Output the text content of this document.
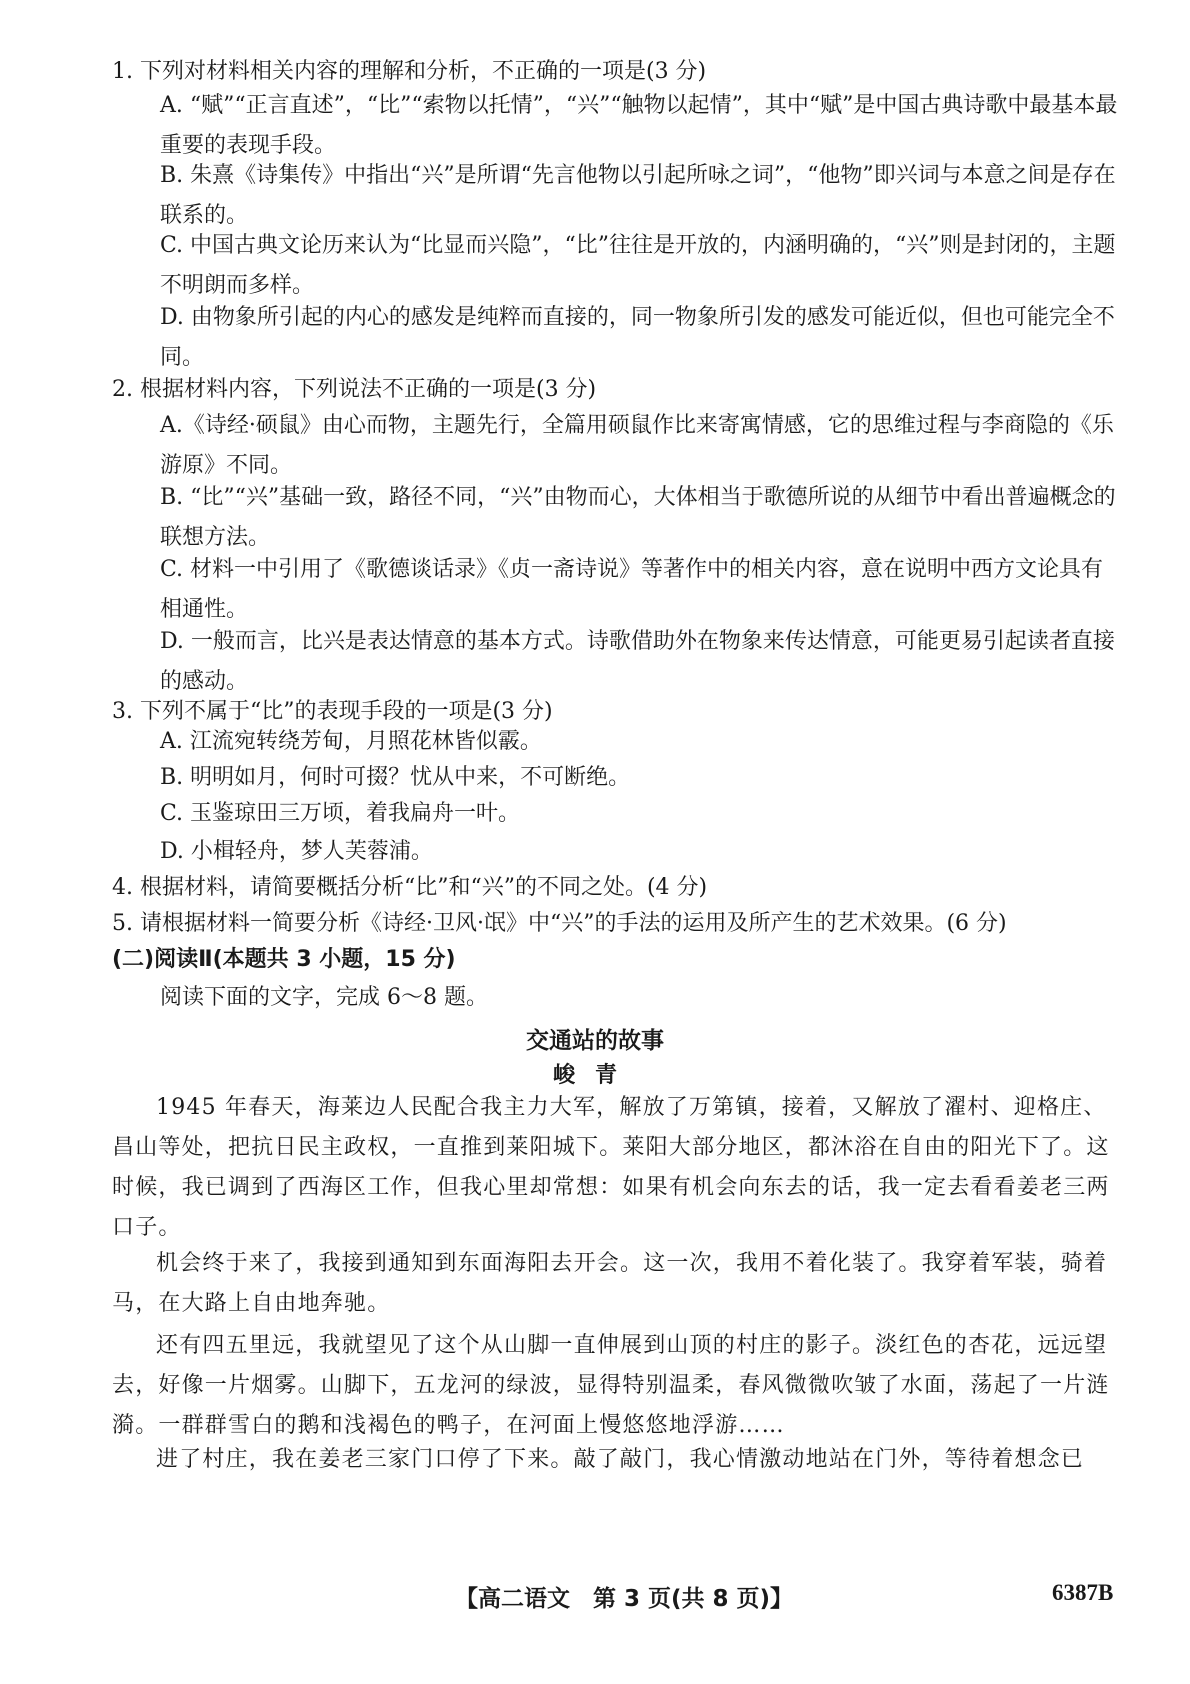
1. 下列对材料相关内容的理解和分析，不正确的一项是(3 分)
A. “赋”“正言直述”，“比”“索物以托情”，“兴”“触物以起情”，其中“赋”是中国古典诗歌中最基本最重要的表现手段。
B. 朱熹《诗集传》中指出“兴”是所谓“先言他物以引起所咏之词”，“他物”即兴词与本意之间是存在联系的。
C. 中国古典文论历来认为“比显而兴隐”，“比”往往是开放的，内涵明确的，“兴”则是封闭的，主题不明朗而多样。
D. 由物象所引起的内心的感发是纯粹而直接的，同一物象所引发的感发可能近似，但也可能完全不同。
2. 根据材料内容，下列说法不正确的一项是(3 分)
A.《诗经·硕鼠》由心而物，主题先行，全篇用硕鼠作比来寄寓情感，它的思维过程与李商隐的《乐游原》不同。
B. “比”“兴”基础一致，路径不同，“兴”由物而心，大体相当于歌德所说的从细节中看出普遍概念的联想方法。
C. 材料一中引用了《歌德谈话录》《贞一斋诗说》等著作中的相关内容，意在说明中西方文论具有相通性。
D. 一般而言，比兴是表达情意的基本方式。诗歌借助外在物象来传达情意，可能更易引起读者直接的感动。
3. 下列不属于“比”的表现手段的一项是(3 分)
A. 江流宛转绕芳甸，月照花林皆似霰。
B. 明明如月，何时可掇？忧从中来，不可断绝。
C. 玉鉴琼田三万顷，着我扁舟一叶。
D. 小楫轻舟，梦人芙蓉浦。
4. 根据材料，请简要概括分析“比”和“兴”的不同之处。(4 分)
5. 请根据材料一简要分析《诗经·卫风·氓》中“兴”的手法的运用及所产生的艺术效果。(6 分)
(二)阅读Ⅱ(本题共 3 小题，15 分)
阅读下面的文字，完成 6～8 题。
交通站的故事
峻青
1945 年春天，海莱边人民配合我主力大军，解放了万第镇，接着，又解放了濯村、迎格庄、昌山等处，把抗日民主政权，一直推到莱阳城下。莱阳大部分地区，都沐浴在自由的阳光下了。这时候，我已调到了西海区工作，但我心里却常想：如果有机会向东去的话，我一定去看看姜老三两口子。
机会终于来了，我接到通知到东面海阳去开会。这一次，我用不着化装了。我穿着军装，骑着马，在大路上自由地奔驰。
还有四五里远，我就望见了这个从山脚一直伸展到山顶的村庄的影子。淡红色的杏花，远远望去，好像一片烟雾。山脚下，五龙河的绿波，显得特别温柔，春风微微吹皱了水面，荡起了一片涟漪。一群群雪白的鹅和浅褐色的鸭子，在河面上慢悠悠地浮游……
进了村庄，我在姜老三家门口停了下来。敲了敲门，我心情激动地站在门外，等待着想念已
【高二语文　第 3 页(共 8 页)】	6387B
